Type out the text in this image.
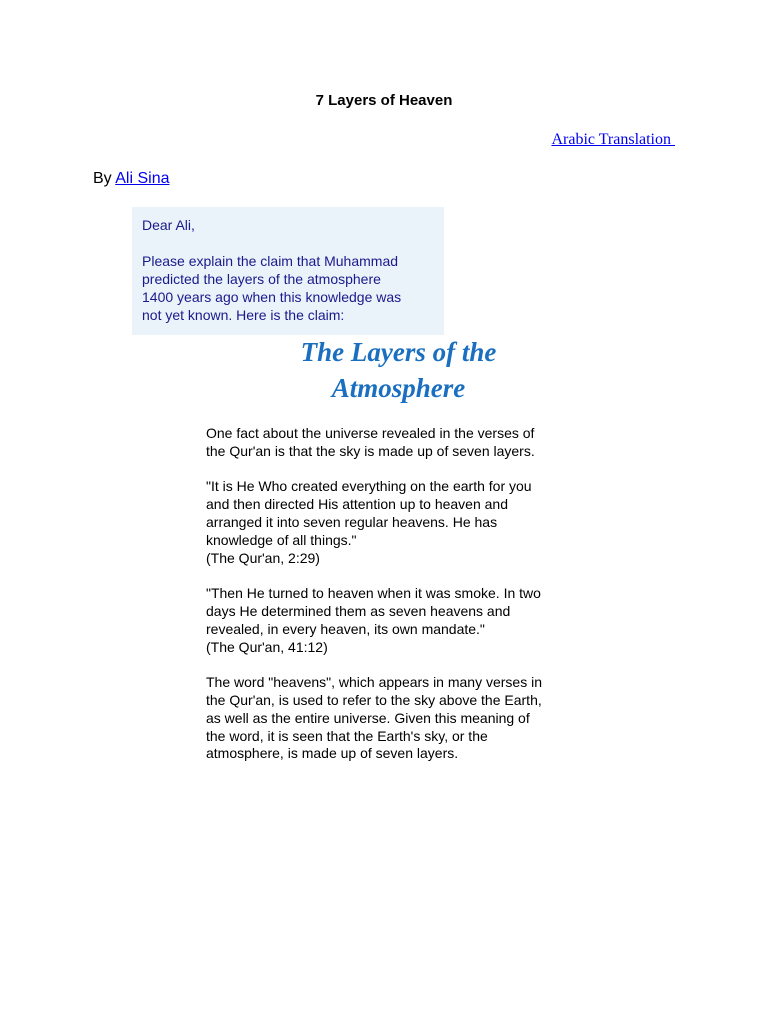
7 Layers of Heaven
Arabic Translation
By Ali Sina

Dear Ali,

Please explain the claim that Muhammad

predicted the layers of the atmosphere

1400 years ago when this knowledge was

not yet known. Here is the claim:

The Layers of the
Atmosphere

One fact about the universe revealed in the verses of
the Qur'an is that the sky is made up of seven layers.

"It is He Who created everything on the earth for you
and then directed His attention up to heaven and
arranged it into seven regular heavens. He has
knowledge of all things."
(The Qur'an, 2:29)

"Then He turned to heaven when it was smoke. In two
days He determined them as seven heavens and
revealed, in every heaven, its own mandate."
(The Qur'an, 41:12)

The word "heavens", which appears in many verses in
the Qur'an, is used to refer to the sky above the Earth,
as well as the entire universe. Given this meaning of
the word, it is seen that the Earth's sky, or the
atmosphere, is made up of seven layers.
